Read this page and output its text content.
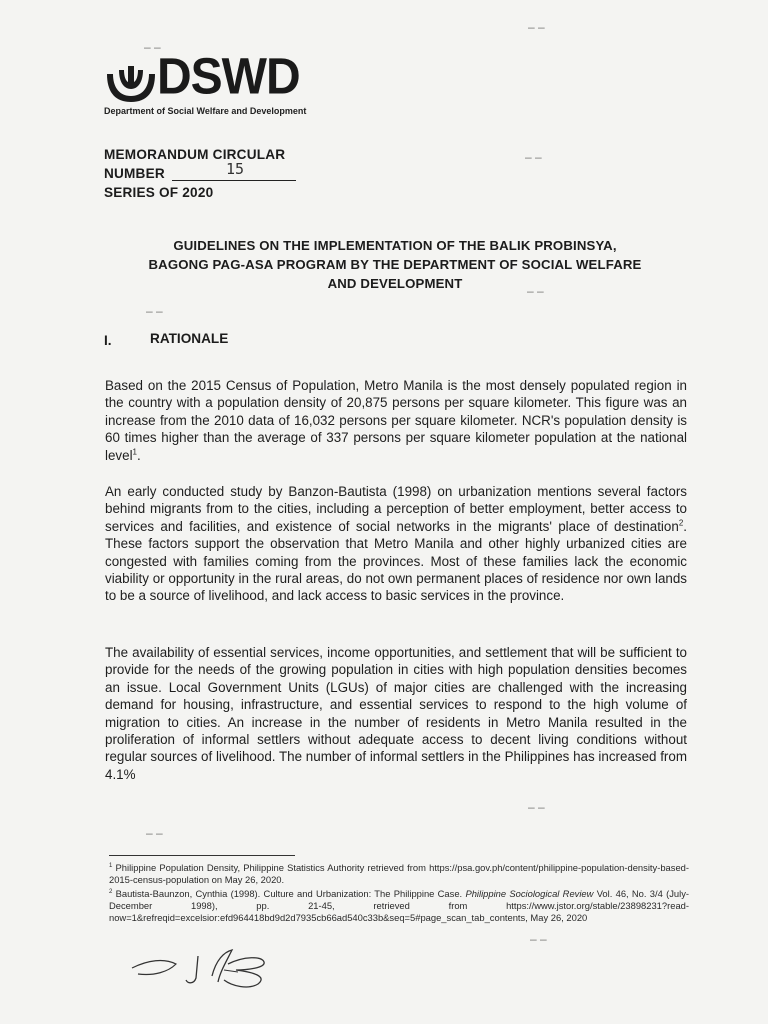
DSWD
Department of Social Welfare and Development
– –
– –
– –
– –
– –
– –
– –
– –
MEMORANDUM CIRCULAR
NUMBER	15
SERIES OF 2020
GUIDELINES ON THE IMPLEMENTATION OF THE BALIK PROBINSYA,
BAGONG PAG-ASA PROGRAM BY THE DEPARTMENT OF SOCIAL WELFARE
AND DEVELOPMENT
I.	RATIONALE
Based on the 2015 Census of Population, Metro Manila is the most densely populated region in the country with a population density of 20,875 persons per square kilometer. This figure was an increase from the 2010 data of 16,032 persons per square kilometer. NCR's population density is 60 times higher than the average of 337 persons per square kilometer population at the national level$^1$.
An early conducted study by Banzon-Bautista (1998) on urbanization mentions several factors behind migrants from to the cities, including a perception of better employment, better access to services and facilities, and existence of social networks in the migrants' place of destination$^2$. These factors support the observation that Metro Manila and other highly urbanized cities are congested with families coming from the provinces. Most of these families lack the economic viability or opportunity in the rural areas, do not own permanent places of residence nor own lands to be a source of livelihood, and lack access to basic services in the province.
The availability of essential services, income opportunities, and settlement that will be sufficient to provide for the needs of the growing population in cities with high population densities becomes an issue. Local Government Units (LGUs) of major cities are challenged with the increasing demand for housing, infrastructure, and essential services to respond to the high volume of migration to cities. An increase in the number of residents in Metro Manila resulted in the proliferation of informal settlers without adequate access to decent living conditions without regular sources of livelihood. The number of informal settlers in the Philippines has increased from 4.1%
$^1$ Philippine Population Density, Philippine Statistics Authority retrieved from https://psa.gov.ph/content/philippine-population-density-based-2015-census-population on May 26, 2020.
$^2$ Bautista-Baunzon, Cynthia (1998). Culture and Urbanization: The Philippine Case. Philippine Sociological Review Vol. 46, No. 3/4 (July-December 1998), pp. 21-45, retrieved from https://www.jstor.org/stable/23898231?read-now=1&refreqid=excelsior:efd964418bd9d2d7935cb66ad540c33b&seq=5#page_scan_tab_contents, May 26, 2020
